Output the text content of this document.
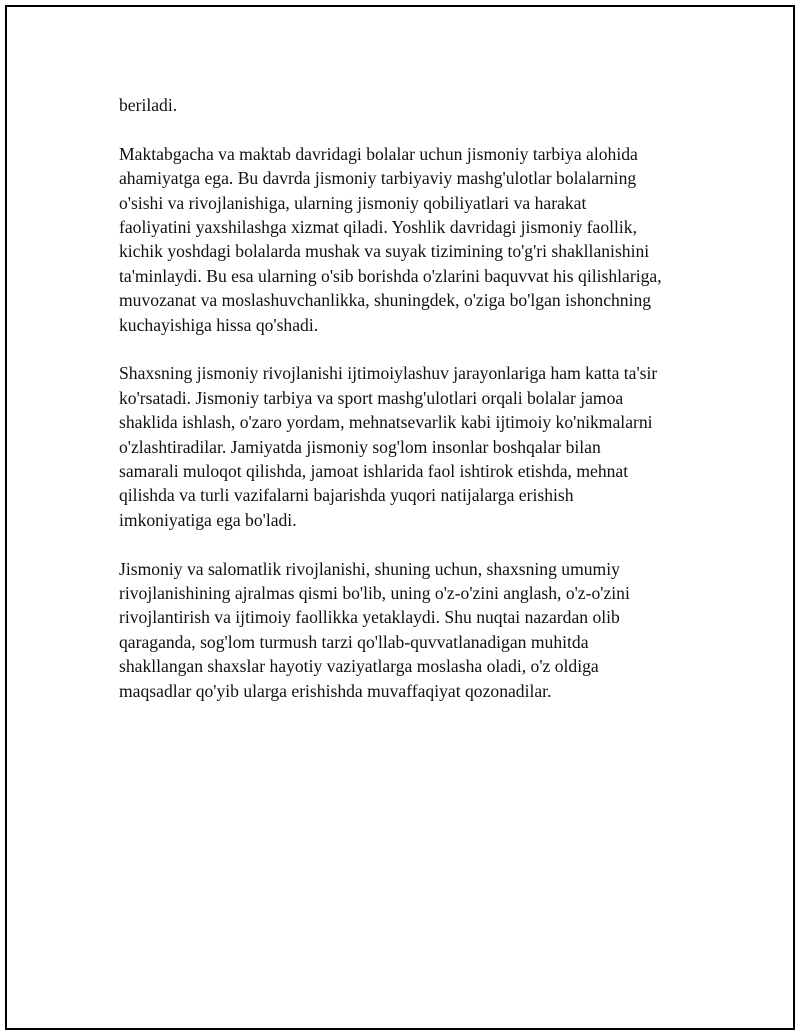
beriladi.

Maktabgacha va maktab davridagi bolalar uchun jismoniy tarbiya alohida
ahamiyatga ega. Bu davrda jismoniy tarbiyaviy mashg'ulotlar bolalarning
o'sishi va rivojlanishiga, ularning jismoniy qobiliyatlari va harakat
faoliyatini yaxshilashga xizmat qiladi. Yoshlik davridagi jismoniy faollik,
kichik yoshdagi bolalarda mushak va suyak tizimining to'g'ri shakllanishini
ta'minlaydi. Bu esa ularning o'sib borishda o'zlarini baquvvat his qilishlariga,
muvozanat va moslashuvchanlikka, shuningdek, o'ziga bo'lgan ishonchning
kuchayishiga hissa qo'shadi.

Shaxsning jismoniy rivojlanishi ijtimoiylashuv jarayonlariga ham katta ta'sir
ko'rsatadi. Jismoniy tarbiya va sport mashg'ulotlari orqali bolalar jamoa
shaklida ishlash, o'zaro yordam, mehnatsevarlik kabi ijtimoiy ko'nikmalarni
o'zlashtiradilar. Jamiyatda jismoniy sog'lom insonlar boshqalar bilan
samarali muloqot qilishda, jamoat ishlarida faol ishtirok etishda, mehnat
qilishda va turli vazifalarni bajarishda yuqori natijalarga erishish
imkoniyatiga ega bo'ladi.

Jismoniy va salomatlik rivojlanishi, shuning uchun, shaxsning umumiy
rivojlanishining ajralmas qismi bo'lib, uning o'z-o'zini anglash, o'z-o'zini
rivojlantirish va ijtimoiy faollikka yetaklaydi. Shu nuqtai nazardan olib
qaraganda, sog'lom turmush tarzi qo'llab-quvvatlanadigan muhitda
shakllangan shaxslar hayotiy vaziyatlarga moslasha oladi, o'z oldiga
maqsadlar qo'yib ularga erishishda muvaffaqiyat qozonadilar.
